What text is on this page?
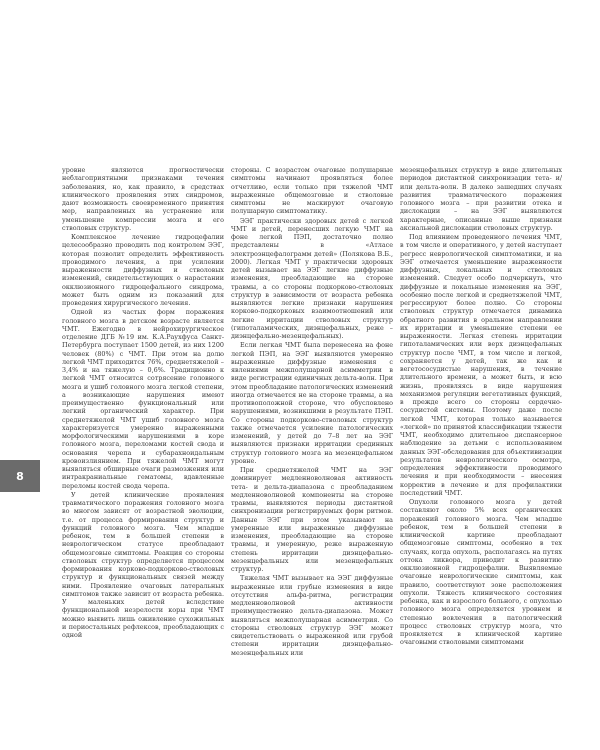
8

уровне являются прогностически неблагоприятными признаками течения заболевания, но, как правило, в средствах клинического проявления этих синдромов, дают возможность своевременного принятия мер, направленных на устранение или уменьшение компрессии мозга и его стволовых структур.

Комплексное лечение гидроцефалии целесообразно проводить под контролем ЭЭГ, которая позволит определить эффективность проводимого лечения, а при усилении выраженности диффузных и стволовых изменений, свидетельствующих о нарастании окклюзионного гидроцефального синдрома, может быть одним из показаний для проведения хирургического лечения.

Одной из частых форм поражения головного мозга в детском возрасте является ЧМТ. Ежегодно в нейрохирургическое отделение ДГБ №19 им. К.А.Раухфуса Санкт-Петербурга поступает 1500 детей, из них 1200 человек (80%) с ЧМТ. При этом на долю легкой ЧМТ приходится 76%, среднетяжелой – 3,4% и на тяжелую – 0,6%. Традиционно к легкой ЧМТ относится сотрясение головного мозга и ушиб головного мозга легкой степени, а возникающие нарушения имеют преимущественно функциональный или легкий органический характер. При среднетяжелой ЧМТ ушиб головного мозга характеризуется умеренно выраженными морфологическими нарушениями в коре головного мозга, переломами костей свода и основания черепа и субарахноидальным кровоизлиянием. При тяжелой ЧМТ могут выявляться обширные очаги размозжения или интракраниальные гематомы, вдавленные переломы костей свода черепа.

У детей клинические проявления травматического поражения головного мозга во многом зависят от возрастной эволюции, т.е. от процесса формирования структур и функций головного мозга. Чем младше ребенок, тем в большей степени в неврологическом статусе преобладают общемозговые симптомы. Реакция со стороны стволовых структур определяется процессом формирования корково-подкорково-стволовых структур и функциональных связей между ними. Проявление очаговых латеральных симптомов также зависит от возраста ребенка. У маленьких детей вследствие функциональной незрелости коры при ЧМТ можно выявить лишь оживление сухожильных и периостальных рефлексов, преобладающих с одной

стороны. С возрастом очаговые полушарные симптомы начинают проявляться более отчетливо, если только при тяжелой ЧМТ выраженные общемозговые и стволовые симптомы не маскируют очаговую полушарную симптоматику.

ЭЭГ практически здоровых детей с легкой ЧМТ и детей, перенесших легкую ЧМТ на фоне легкой ПЭП, достаточно полно представлены в «Атласе электроэнцефалограмм детей» (Полякова В.Б., 2000). Легкая ЧМТ у практически здоровых детей вызывает на ЭЭГ легкие диффузные изменения, преобладающие на стороне травмы, а со стороны подкорково-стволовых структур в зависимости от возраста ребенка выявляются легкие признаки нарушения корково-подкорковых взаимоотношений или легкие ирритации стволовых структур (гипоталамических, диэнцефальных, реже – диэнцефально-мезенцефальных).

Если легкая ЧМТ была перенесена на фоне легкой ПЭП, на ЭЭГ выявляются умеренно выраженные диффузные изменения с явлениями межполушарной асимметрии в виде регистрации единичных дельта-волн. При этом преобладание патологических изменений иногда отмечается не на стороне травмы, а на противоположной стороне, что обусловлено нарушениями, возникшими в результате ПЭП. Со стороны подкорково-стволовых структур также отмечается усиление патологических изменений, у детей до 7–8 лет на ЭЭГ выявляются признаки ирритации срединных структур головного мозга на мезенцефальном уровне.

При среднетяжелой ЧМТ на ЭЭГ доминирует медленноволновая активность тета- и дельта-диапазона с преобладанием медленноволновой компоненты на стороне травмы, выявляются периоды дистантной синхронизации регистрируемых форм ритмов. Данные ЭЭГ при этом указывают на умеренные или выраженные диффузные изменения, преобладающие на стороне травмы, и умеренную, реже выраженную степень ирритации диэнцефально-мезенцефальных или мезенцефальных структур.

Тяжелая ЧМТ вызывает на ЭЭГ диффузные выраженные или грубые изменения в виде отсутствия альфа-ритма, регистрации медленноволновой активности преимущественно дельта-диапазона. Может выявляться межполушарная асимметрия. Со стороны стволовых структур ЭЭГ может свидетельствовать о выраженной или грубой степени ирритации диэнцефально-мезенцефальных или

мезенцефальных структур в виде длительных периодов дистантной синхронизации тета- и/или дельта-волн. В далеко зашедших случаях развития травматического поражения головного мозга – при развитии отека и дислокации – на ЭЭГ выявляются характерные, описанные выше признаки аксиальной дислокации стволовых структур.

Под влиянием проведенного лечения ЧМТ, в том числе и оперативного, у детей наступает регресс неврологической симптоматики, и на ЭЭГ отмечается уменьшение выраженности диффузных, локальных и стволовых изменений. Следует особо подчеркнуть, что диффузные и локальные изменения на ЭЭГ, особенно после легкой и среднетяжелой ЧМТ, регрессируют более полно. Со стороны стволовых структур отмечается динамика обратного развития в оральном направлении их ирритации и уменьшение степени ее выраженности. Легкая степень ирритации гипоталамических или верх диэнцефальных структур после ЧМТ, в том числе и легкой, сохраняется у детей, так же как и вегетососудистые нарушения, в течение длительного времени, а может быть, и всю жизнь, проявляясь в виде нарушения механизмов регуляции вегетативных функций, в прежде всего со стороны сердечно-сосудистой системы. Поэтому даже после легкой ЧМТ, которая только называется «легкой» по принятой классификации тяжести ЧМТ, необходимо длительное диспансерное наблюдение за детьми с использованием данных ЭЭГ-обследования для объективизации результатов неврологического осмотра, определения эффективности проводимого лечения и при необходимости – внесения корректив в лечение и для профилактики последствий ЧМТ.

Опухоли головного мозга у детей составляют около 5% всех органических поражений головного мозга. Чем младше ребенок, тем в большей степени в клинической картине преобладают общемозговые симптомы, особенно в тех случаях, когда опухоль, располагаясь на путях оттока ликвора, приводит к развитию окклюзионной гидроцефалии. Выявляемые очаговые неврологические симптомы, как правило, соответствуют зоне расположения опухоли. Тяжесть клинического состояния ребенка, как и взрослого больного, с опухолью головного мозга определяется уровнем и степенью вовлечения в патологический процесс стволовых структур мозга, что проявляется в клинической картине очаговыми стволовыми симптомами
